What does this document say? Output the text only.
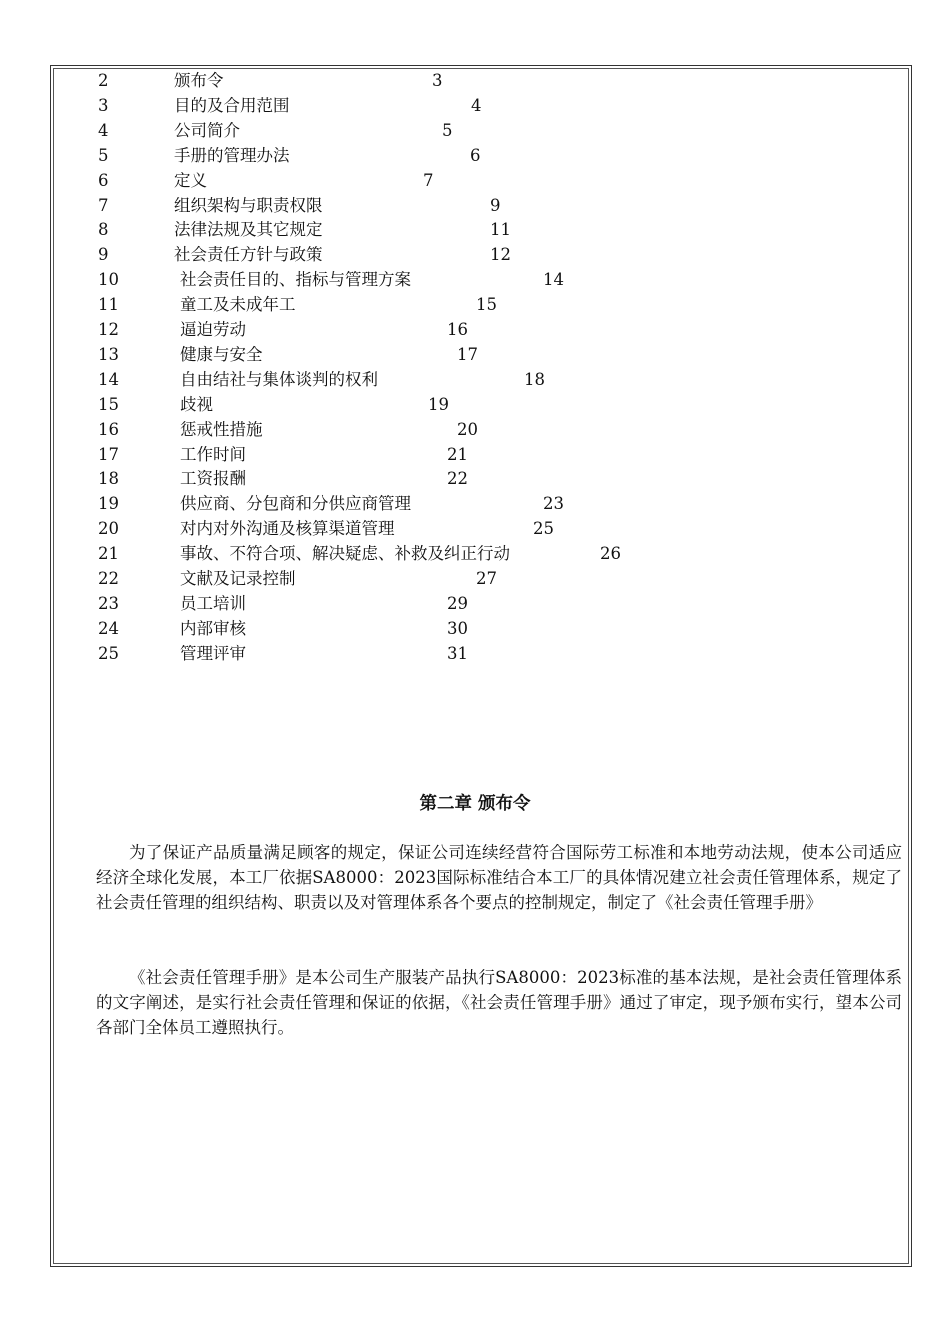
2	颁布令	3
3	目的及合用范围	4
4	公司简介	5
5	手册的管理办法	6
6	定义	7
7	组织架构与职责权限	9
8	法律法规及其它规定	11
9	社会责任方针与政策	12
10	社会责任目的、指标与管理方案	14
11	童工及未成年工	15
12	逼迫劳动	16
13	健康与安全	17
14	自由结社与集体谈判的权利	18
15	歧视	19
16	惩戒性措施	20
17	工作时间	21
18	工资报酬	22
19	供应商、分包商和分供应商管理	23
20	对内对外沟通及核算渠道管理	25
21	事故、不符合项、解决疑虑、补救及纠正行动	26
22	文献及记录控制	27
23	员工培训	29
24	内部审核	30
25	管理评审	31
第二章 颁布令

为了保证产品质量满足顾客的规定，保证公司连续经营符合国际劳工标准和本地劳动法规，使本公司适应经济全球化发展，本工厂依据SA8000：2023国际标准结合本工厂的具体情况建立社会责任管理体系，规定了社会责任管理的组织结构、职责以及对管理体系各个要点的控制规定，制定了《社会责任管理手册》

《社会责任管理手册》是本公司生产服装产品执行SA8000：2023标准的基本法规，是社会责任管理体系的文字阐述，是实行社会责任管理和保证的依据，《社会责任管理手册》通过了审定，现予颁布实行，望本公司各部门全体员工遵照执行。
